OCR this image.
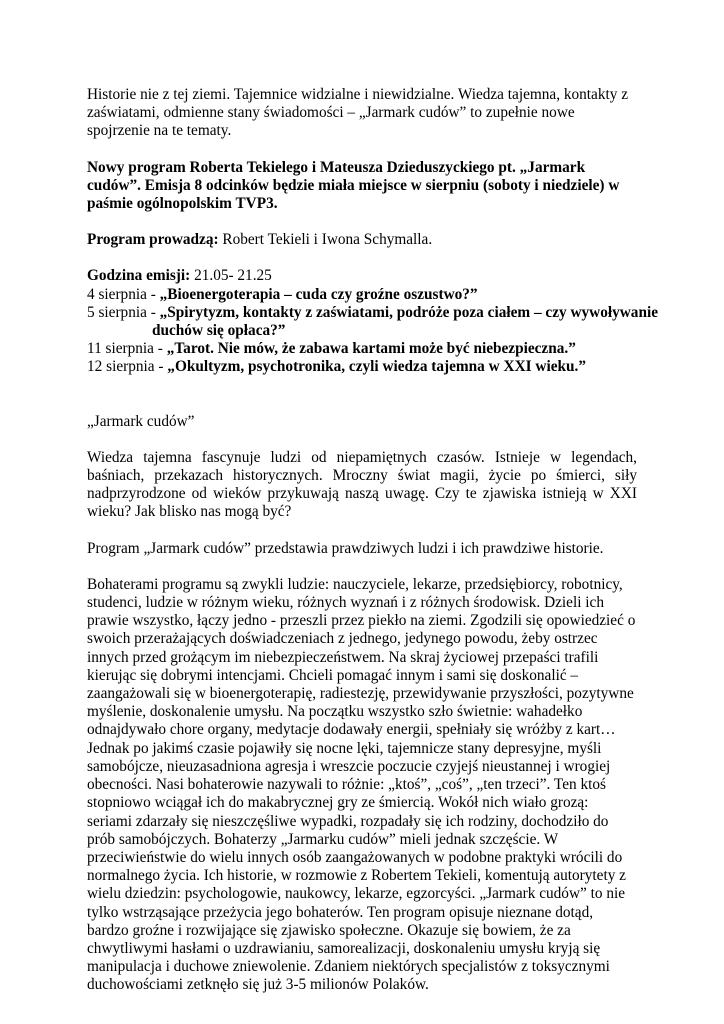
Historie nie z tej ziemi. Tajemnice widzialne i niewidzialne. Wiedza tajemna, kontakty z zaświatami, odmienne stany świadomości – „Jarmark cudów” to zupełnie nowe spojrzenie na te tematy.

Nowy program Roberta Tekielego i Mateusza Dzieduszyckiego pt. „Jarmark cudów”. Emisja 8 odcinków będzie miała miejsce w sierpniu (soboty i niedziele) w paśmie ogólnopolskim TVP3.

Program prowadzą: Robert Tekieli i Iwona Schymalla.

Godzina emisji: 21.05- 21.25

4 sierpnia - „Bioenergoterapia – cuda czy groźne oszustwo?”

5 sierpnia - „Spirytyzm, kontakty z zaświatami, podróże poza ciałem – czy wywoływanie

duchów się opłaca?”

11 sierpnia - „Tarot. Nie mów, że zabawa kartami może być niebezpieczna.”

12 sierpnia - „Okultyzm, psychotronika, czyli wiedza tajemna w XXI wieku.”

„Jarmark cudów”

Wiedza tajemna fascynuje ludzi od niepamiętnych czasów. Istnieje w legendach, baśniach, przekazach historycznych. Mroczny świat magii, życie po śmierci, siły nadprzyrodzone od wieków przykuwają naszą uwagę. Czy te zjawiska istnieją w XXI wieku? Jak blisko nas mogą być?

Program „Jarmark cudów” przedstawia prawdziwych ludzi i ich prawdziwe historie.

Bohaterami programu są zwykli ludzie: nauczyciele, lekarze, przedsiębiorcy, robotnicy, studenci, ludzie w różnym wieku, różnych wyznań i z różnych środowisk. Dzieli ich prawie wszystko, łączy jedno - przeszli przez piekło na ziemi. Zgodzili się opowiedzieć o swoich przerażających doświadczeniach z jednego, jedynego powodu, żeby ostrzec innych przed grożącym im niebezpieczeństwem. Na skraj życiowej przepaści trafili kierując się dobrymi intencjami. Chcieli pomagać innym i sami się doskonalić – zaangażowali się w bioenergoterapię, radiestezję, przewidywanie przyszłości, pozytywne myślenie, doskonalenie umysłu. Na początku wszystko szło świetnie: wahadełko odnajdywało chore organy, medytacje dodawały energii, spełniały się wróżby z kart… Jednak po jakimś czasie pojawiły się nocne lęki, tajemnicze stany depresyjne, myśli samobójcze, nieuzasadniona agresja i wreszcie poczucie czyjejś nieustannej i wrogiej obecności. Nasi bohaterowie nazywali to różnie: „ktoś”, „coś”, „ten trzeci”. Ten ktoś stopniowo wciągał ich do makabrycznej gry ze śmiercią. Wokół nich wiało grozą: seriami zdarzały się nieszczęśliwe wypadki, rozpadały się ich rodziny, dochodziło do prób samobójczych. Bohaterzy „Jarmarku cudów” mieli jednak szczęście. W przeciwieństwie do wielu innych osób zaangażowanych w podobne praktyki wrócili do normalnego życia. Ich historie, w rozmowie z Robertem Tekieli, komentują autorytety z wielu dziedzin: psychologowie, naukowcy, lekarze, egzorcyści. „Jarmark cudów” to nie tylko wstrząsające przeżycia jego bohaterów. Ten program opisuje nieznane dotąd, bardzo groźne i rozwijające się zjawisko społeczne. Okazuje się bowiem, że za chwytliwymi hasłami o uzdrawianiu, samorealizacji, doskonaleniu umysłu kryją się manipulacja i duchowe zniewolenie. Zdaniem niektórych specjalistów z toksycznymi duchowościami zetknęło się już 3-5 milionów Polaków.
